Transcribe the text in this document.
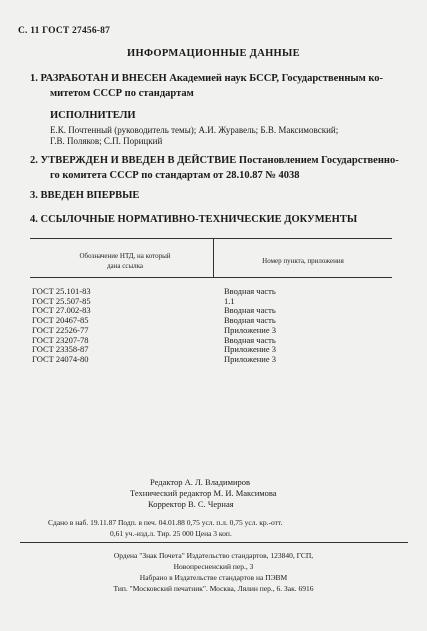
С. 11 ГОСТ 27456-87
ИНФОРМАЦИОННЫЕ ДАННЫЕ
1. РАЗРАБОТАН И ВНЕСЕН Академией наук БССР, Государственным ко-
митетом СССР по стандартам
ИСПОЛНИТЕЛИ
Е.К. Почтенный (руководитель темы); А.И. Журавель; Б.В. Максимовский;
Г.В. Поляков; С.П. Порицкий
2. УТВЕРЖДЕН И ВВЕДЕН В ДЕЙСТВИЕ Постановлением Государственно-
го комитета СССР по стандартам от 28.10.87 № 4038
3. ВВЕДЕН ВПЕРВЫЕ
4. ССЫЛОЧНЫЕ НОРМАТИВНО-ТЕХНИЧЕСКИЕ ДОКУМЕНТЫ
Обозначение НТД, на который
дана ссылка
Номер пункта, приложения
ГОСТ 25.101-83
ГОСТ 25.507-85
ГОСТ 27.002-83
ГОСТ 20467-85
ГОСТ 22526-77
ГОСТ 23207-78
ГОСТ 23358-87
ГОСТ 24074-80
Вводная часть
1.1
Вводная часть
Вводная часть
Приложение 3
Вводная часть
Приложение 3
Приложение 3
Редактор А. Л. Владимиров
Технический редактор М. И. Максимова
Корректор В. С. Черная
Сдано в наб. 19.11.87 Подп. в печ. 04.01.88 0,75 усл. п.л. 0,75 усл. кр.-отт.
0,61 уч.-изд.л. Тир. 25 000 Цена 3 коп.
Ордена "Знак Почета" Издательство стандартов, 123840, ГСП,
Новопресненский пер., 3
Набрано в Издательстве стандартов на ПЭВМ
Тип. "Московский печатник". Москва, Лялин пер., 6. Зак. 6916
